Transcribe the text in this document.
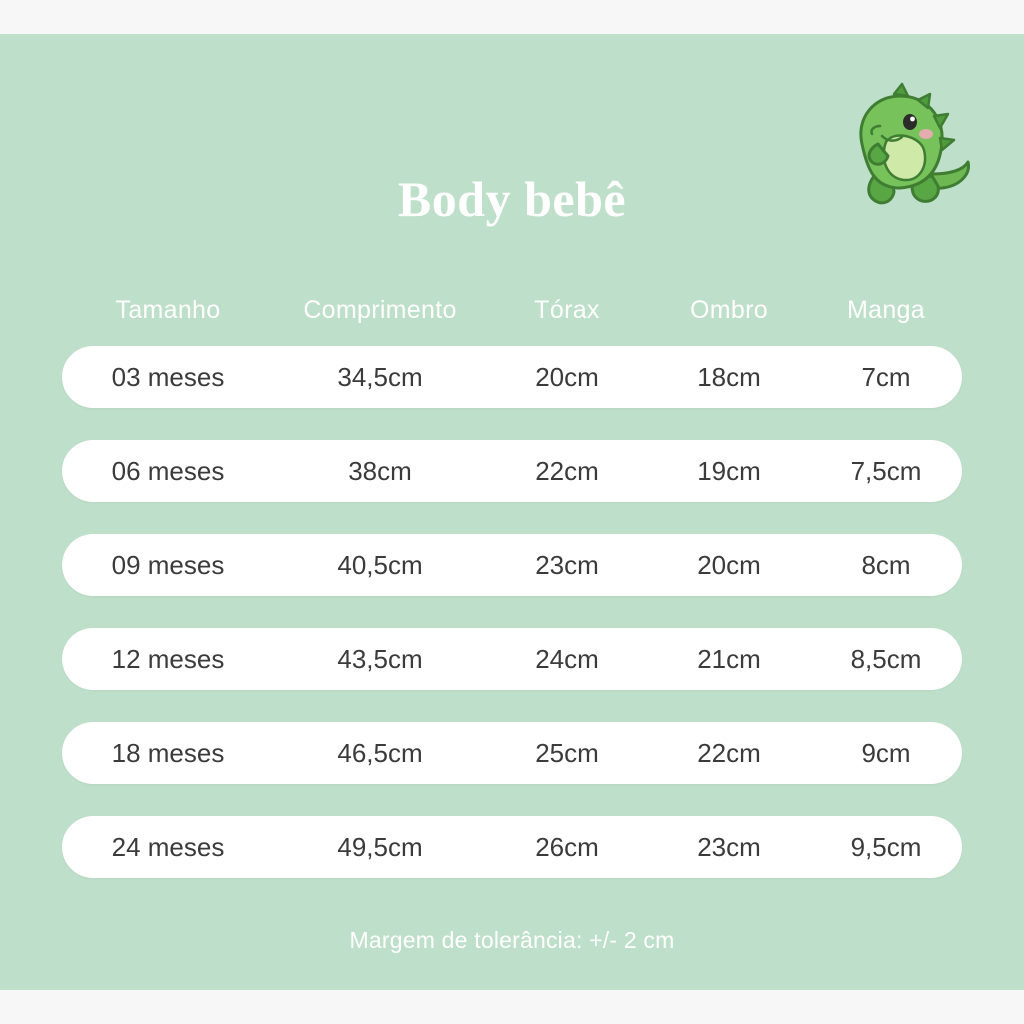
Body bebê
Tamanho	Comprimento	Tórax	Ombro	Manga
03 meses	34,5cm	20cm	18cm	7cm
06 meses	38cm	22cm	19cm	7,5cm
09 meses	40,5cm	23cm	20cm	8cm
12 meses	43,5cm	24cm	21cm	8,5cm
18 meses	46,5cm	25cm	22cm	9cm
24 meses	49,5cm	26cm	23cm	9,5cm
Margem de tolerância: +/- 2 cm
